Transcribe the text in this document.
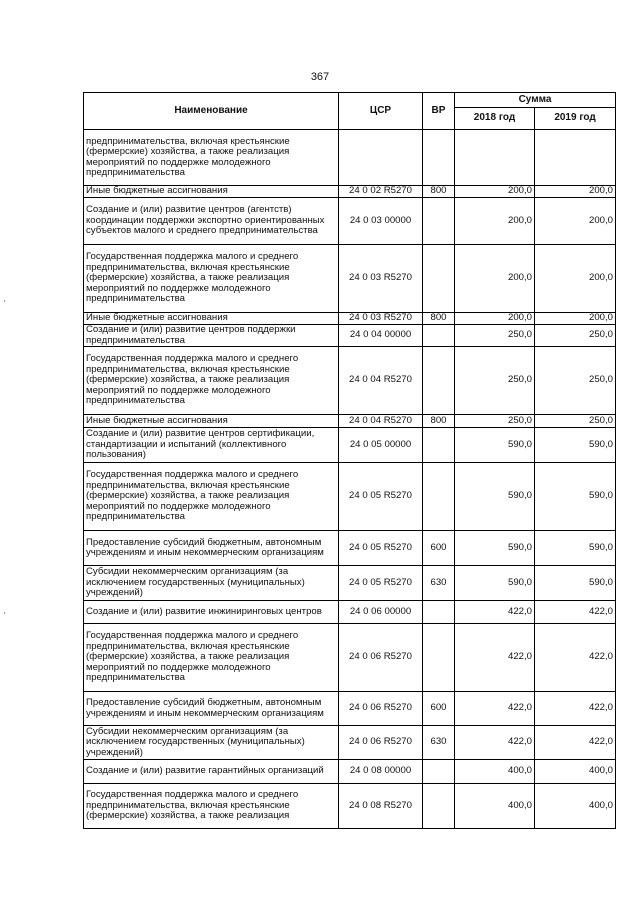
367
Наименование	ЦСР	ВР	Сумма	
			2018 год	2019 год
предпринимательства, включая крестьянские (фермерские) хозяйства, а также реализация мероприятий по поддержке молодежного предпринимательства				
Иные бюджетные ассигнования	24 0 02 R5270	800	200,0	200,0
Создание и (или) развитие центров (агентств) координации поддержки экспортно ориентированных субъектов малого и среднего предпринимательства	24 0 03 00000		200,0	200,0
Государственная поддержка малого и среднего предпринимательства, включая крестьянские (фермерские) хозяйства, а также реализация мероприятий по поддержке молодежного предпринимательства	24 0 03 R5270		200,0	200,0
Иные бюджетные ассигнования	24 0 03 R5270	800	200,0	200,0
Создание и (или) развитие центров поддержки предпринимательства	24 0 04 00000		250,0	250,0
Государственная поддержка малого и среднего предпринимательства, включая крестьянские (фермерские) хозяйства, а также реализация мероприятий по поддержке молодежного предпринимательства	24 0 04 R5270		250,0	250,0
Иные бюджетные ассигнования	24 0 04 R5270	800	250,0	250,0
Создание и (или) развитие центров сертификации, стандартизации и испытаний (коллективного пользования)	24 0 05 00000		590,0	590,0
Государственная поддержка малого и среднего предпринимательства, включая крестьянские (фермерские) хозяйства, а также реализация мероприятий по поддержке молодежного предпринимательства	24 0 05 R5270		590,0	590,0
Предоставление субсидий бюджетным, автономным учреждениям и иным некоммерческим организациям	24 0 05 R5270	600	590,0	590,0
Субсидии некоммерческим организациям (за исключением государственных (муниципальных) учреждений)	24 0 05 R5270	630	590,0	590,0
Создание и (или) развитие инжиниринговых центров	24 0 06 00000		422,0	422,0
Государственная поддержка малого и среднего предпринимательства, включая крестьянские (фермерские) хозяйства, а также реализация мероприятий по поддержке молодежного предпринимательства	24 0 06 R5270		422,0	422,0
Предоставление субсидий бюджетным, автономным учреждениям и иным некоммерческим организациям	24 0 06 R5270	600	422,0	422,0
Субсидии некоммерческим организациям (за исключением государственных (муниципальных) учреждений)	24 0 06 R5270	630	422,0	422,0
Создание и (или) развитие гарантийных организаций	24 0 08 00000		400,0	400,0
Государственная поддержка малого и среднего предпринимательства, включая крестьянские (фермерские) хозяйства, а также реализация	24 0 08 R5270		400,0	400,0
